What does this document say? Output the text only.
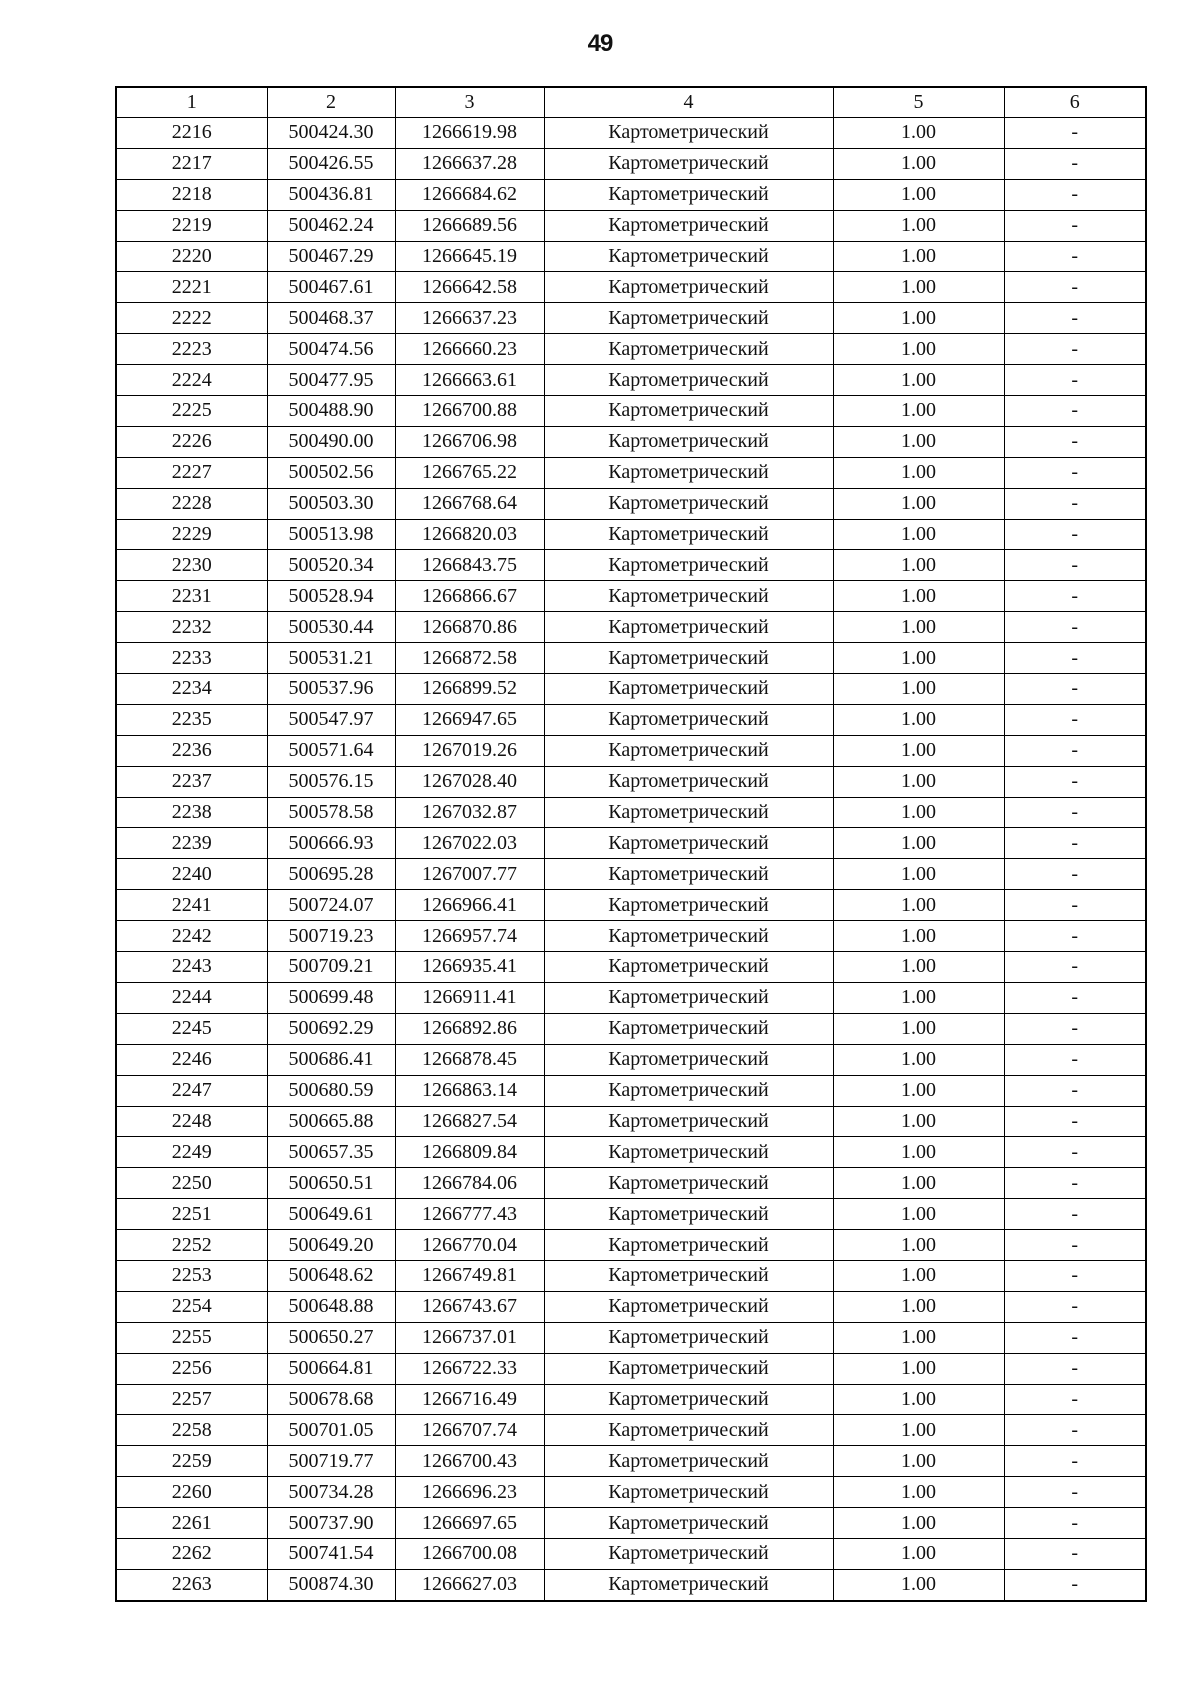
49
1	2	3	4	5	6
2216	500424.30	1266619.98	Картометрический	1.00	-
2217	500426.55	1266637.28	Картометрический	1.00	-
2218	500436.81	1266684.62	Картометрический	1.00	-
2219	500462.24	1266689.56	Картометрический	1.00	-
2220	500467.29	1266645.19	Картометрический	1.00	-
2221	500467.61	1266642.58	Картометрический	1.00	-
2222	500468.37	1266637.23	Картометрический	1.00	-
2223	500474.56	1266660.23	Картометрический	1.00	-
2224	500477.95	1266663.61	Картометрический	1.00	-
2225	500488.90	1266700.88	Картометрический	1.00	-
2226	500490.00	1266706.98	Картометрический	1.00	-
2227	500502.56	1266765.22	Картометрический	1.00	-
2228	500503.30	1266768.64	Картометрический	1.00	-
2229	500513.98	1266820.03	Картометрический	1.00	-
2230	500520.34	1266843.75	Картометрический	1.00	-
2231	500528.94	1266866.67	Картометрический	1.00	-
2232	500530.44	1266870.86	Картометрический	1.00	-
2233	500531.21	1266872.58	Картометрический	1.00	-
2234	500537.96	1266899.52	Картометрический	1.00	-
2235	500547.97	1266947.65	Картометрический	1.00	-
2236	500571.64	1267019.26	Картометрический	1.00	-
2237	500576.15	1267028.40	Картометрический	1.00	-
2238	500578.58	1267032.87	Картометрический	1.00	-
2239	500666.93	1267022.03	Картометрический	1.00	-
2240	500695.28	1267007.77	Картометрический	1.00	-
2241	500724.07	1266966.41	Картометрический	1.00	-
2242	500719.23	1266957.74	Картометрический	1.00	-
2243	500709.21	1266935.41	Картометрический	1.00	-
2244	500699.48	1266911.41	Картометрический	1.00	-
2245	500692.29	1266892.86	Картометрический	1.00	-
2246	500686.41	1266878.45	Картометрический	1.00	-
2247	500680.59	1266863.14	Картометрический	1.00	-
2248	500665.88	1266827.54	Картометрический	1.00	-
2249	500657.35	1266809.84	Картометрический	1.00	-
2250	500650.51	1266784.06	Картометрический	1.00	-
2251	500649.61	1266777.43	Картометрический	1.00	-
2252	500649.20	1266770.04	Картометрический	1.00	-
2253	500648.62	1266749.81	Картометрический	1.00	-
2254	500648.88	1266743.67	Картометрический	1.00	-
2255	500650.27	1266737.01	Картометрический	1.00	-
2256	500664.81	1266722.33	Картометрический	1.00	-
2257	500678.68	1266716.49	Картометрический	1.00	-
2258	500701.05	1266707.74	Картометрический	1.00	-
2259	500719.77	1266700.43	Картометрический	1.00	-
2260	500734.28	1266696.23	Картометрический	1.00	-
2261	500737.90	1266697.65	Картометрический	1.00	-
2262	500741.54	1266700.08	Картометрический	1.00	-
2263	500874.30	1266627.03	Картометрический	1.00	-
